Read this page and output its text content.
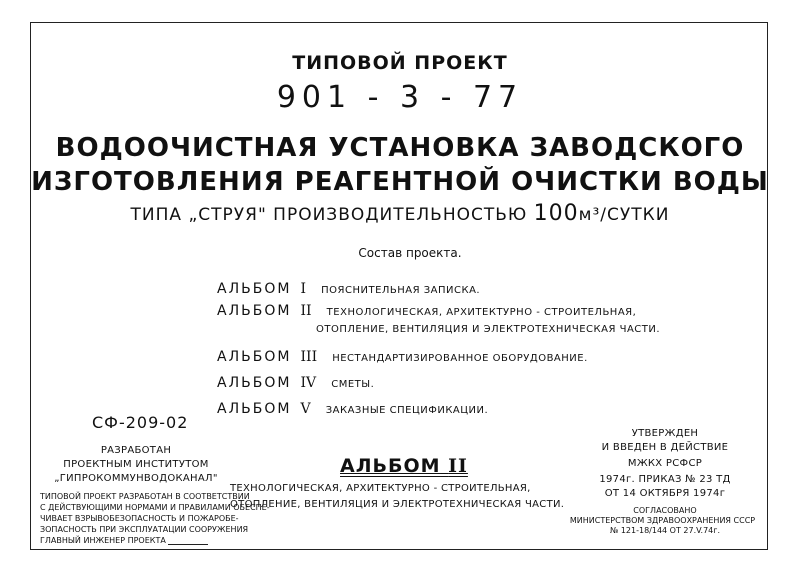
ТИПОВОЙ ПРОЕКТ
901 - 3 - 77
ВОДООЧИСТНАЯ УСТАНОВКА ЗАВОДСКОГО
ИЗГОТОВЛЕНИЯ РЕАГЕНТНОЙ ОЧИСТКИ ВОДЫ
ТИПА „СТРУЯ" ПРОИЗВОДИТЕЛЬНОСТЬЮ 100м³/СУТКИ
Состав проекта.
АЛЬБОМ I ПОЯСНИТЕЛЬНАЯ ЗАПИСКА.
АЛЬБОМ II ТЕХНОЛОГИЧЕСКАЯ, АРХИТЕКТУРНО - СТРОИТЕЛЬНАЯ,
ОТОПЛЕНИЕ, ВЕНТИЛЯЦИЯ И ЭЛЕКТРОТЕХНИЧЕСКАЯ ЧАСТИ.
АЛЬБОМ III НЕСТАНДАРТИЗИРОВАННОЕ ОБОРУДОВАНИЕ.
АЛЬБОМ IV СМЕТЫ.
АЛЬБОМ V ЗАКАЗНЫЕ СПЕЦИФИКАЦИИ.
СФ-209-02
РАЗРАБОТАН
ПРОЕКТНЫМ ИНСТИТУТОМ
„ГИПРОКОММУНВОДОКАНАЛ"
ТИПОВОЙ ПРОЕКТ РАЗРАБОТАН В СООТВЕТСТВИИ
С ДЕЙСТВУЮЩИМИ НОРМАМИ И ПРАВИЛАМИ ОБЕСПЕ-
ЧИВАЕТ ВЗРЫВОБЕЗОПАСНОСТЬ И ПОЖАРОБЕ-
ЗОПАСНОСТЬ ПРИ ЭКСПЛУАТАЦИИ СООРУЖЕНИЯ
ГЛАВНЫЙ ИНЖЕНЕР ПРОЕКТА
АЛЬБОМ II
ТЕХНОЛОГИЧЕСКАЯ, АРХИТЕКТУРНО - СТРОИТЕЛЬНАЯ,
ОТОПЛЕНИЕ, ВЕНТИЛЯЦИЯ И ЭЛЕКТРОТЕХНИЧЕСКАЯ ЧАСТИ.
УТВЕРЖДЕН
И ВВЕДЕН В ДЕЙСТВИЕ
МЖКХ РСФСР
1974г. ПРИКАЗ № 23 ТД
ОТ 14 ОКТЯБРЯ 1974г
СОГЛАСОВАНО
МИНИСТЕРСТВОМ ЗДРАВООХРАНЕНИЯ СССР
№ 121-18/144 ОТ 27.V.74г.
